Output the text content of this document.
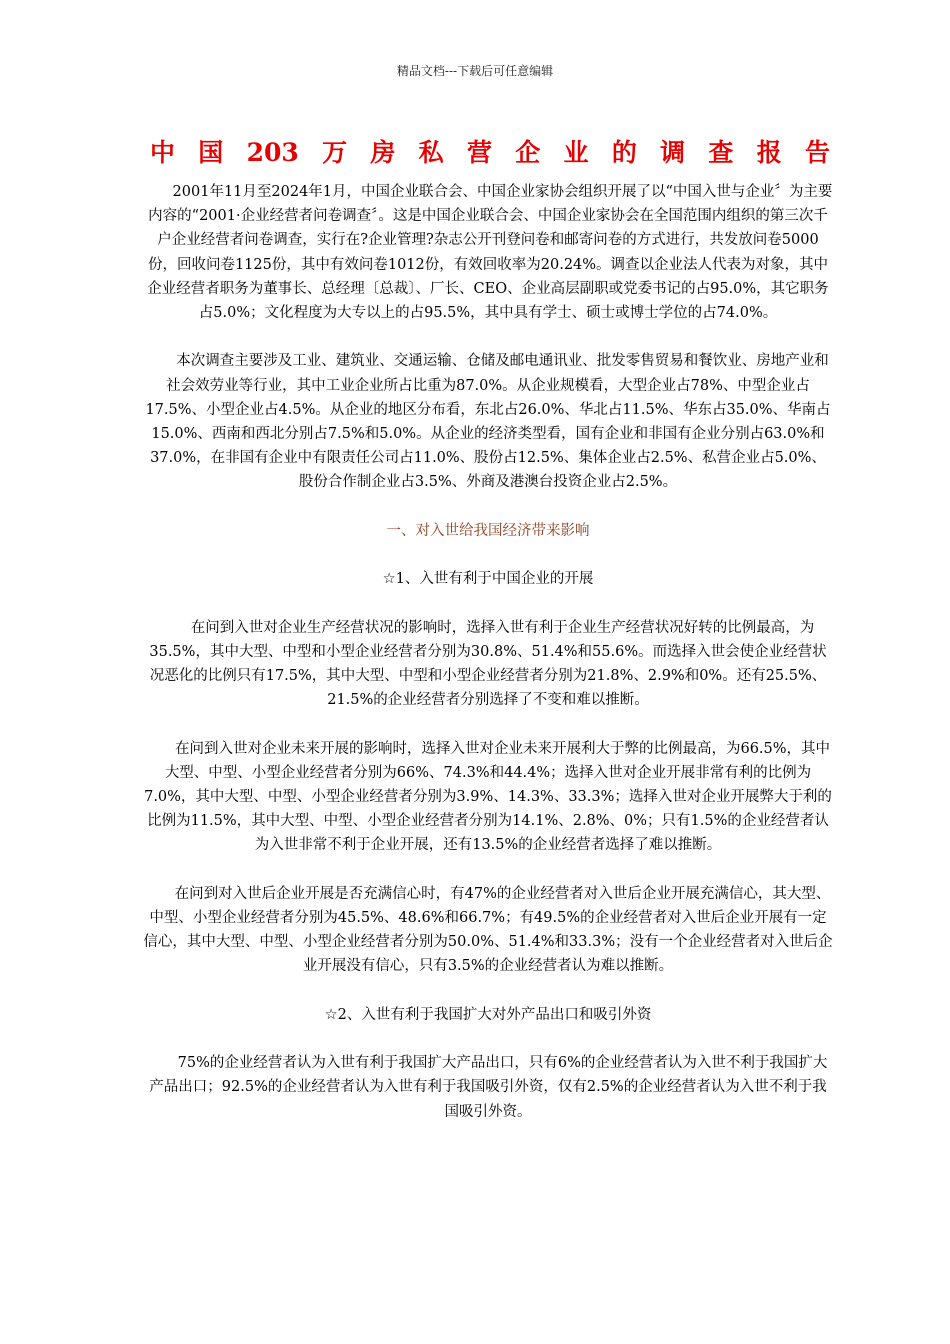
精品文档---下载后可任意编辑
中国203万房私营企业的调查报告

2001年11月至2024年1月，中国企业联合会、中国企业家协会组织开展了以“中国入世与企业〞为主要内容的“2001·企业经营者问卷调查〞。这是中国企业联合会、中国企业家协会在全国范围内组织的第三次千户企业经营者问卷调查，实行在?企业管理?杂志公开刊登问卷和邮寄问卷的方式进行，共发放问卷5000份，回收问卷1125份，其中有效问卷1012份，有效回收率为20.24%。调查以企业法人代表为对象，其中企业经营者职务为董事长、总经理〔总裁〕、厂长、CEO、企业高层副职或党委书记的占95.0%，其它职务占5.0%；文化程度为大专以上的占95.5%，其中具有学士、硕士或博士学位的占74.0%。

本次调查主要涉及工业、建筑业、交通运输、仓储及邮电通讯业、批发零售贸易和餐饮业、房地产业和社会效劳业等行业，其中工业企业所占比重为87.0%。从企业规模看，大型企业占78%、中型企业占17.5%、小型企业占4.5%。从企业的地区分布看，东北占26.0%、华北占11.5%、华东占35.0%、华南占15.0%、西南和西北分别占7.5%和5.0%。从企业的经济类型看，国有企业和非国有企业分别占63.0%和37.0%，在非国有企业中有限责任公司占11.0%、股份占12.5%、集体企业占2.5%、私营企业占5.0%、股份合作制企业占3.5%、外商及港澳台投资企业占2.5%。

一、对入世给我国经济带来影响
☆1、入世有利于中国企业的开展

在问到入世对企业生产经营状况的影响时，选择入世有利于企业生产经营状况好转的比例最高，为35.5%，其中大型、中型和小型企业经营者分别为30.8%、51.4%和55.6%。而选择入世会使企业经营状况恶化的比例只有17.5%，其中大型、中型和小型企业经营者分别为21.8%、2.9%和0%。还有25.5%、21.5%的企业经营者分别选择了不变和难以推断。

在问到入世对企业未来开展的影响时，选择入世对企业未来开展利大于弊的比例最高，为66.5%，其中大型、中型、小型企业经营者分别为66%、74.3%和44.4%；选择入世对企业开展非常有利的比例为7.0%，其中大型、中型、小型企业经营者分别为3.9%、14.3%、33.3%；选择入世对企业开展弊大于利的比例为11.5%，其中大型、中型、小型企业经营者分别为14.1%、2.8%、0%；只有1.5%的企业经营者认为入世非常不利于企业开展，还有13.5%的企业经营者选择了难以推断。

在问到对入世后企业开展是否充满信心时，有47%的企业经营者对入世后企业开展充满信心，其大型、中型、小型企业经营者分别为45.5%、48.6%和66.7%；有49.5%的企业经营者对入世后企业开展有一定信心，其中大型、中型、小型企业经营者分别为50.0%、51.4%和33.3%；没有一个企业经营者对入世后企业开展没有信心，只有3.5%的企业经营者认为难以推断。

☆2、入世有利于我国扩大对外产品出口和吸引外资

75%的企业经营者认为入世有利于我国扩大产品出口，只有6%的企业经营者认为入世不利于我国扩大产品出口；92.5%的企业经营者认为入世有利于我国吸引外资，仅有2.5%的企业经营者认为入世不利于我国吸引外资。
